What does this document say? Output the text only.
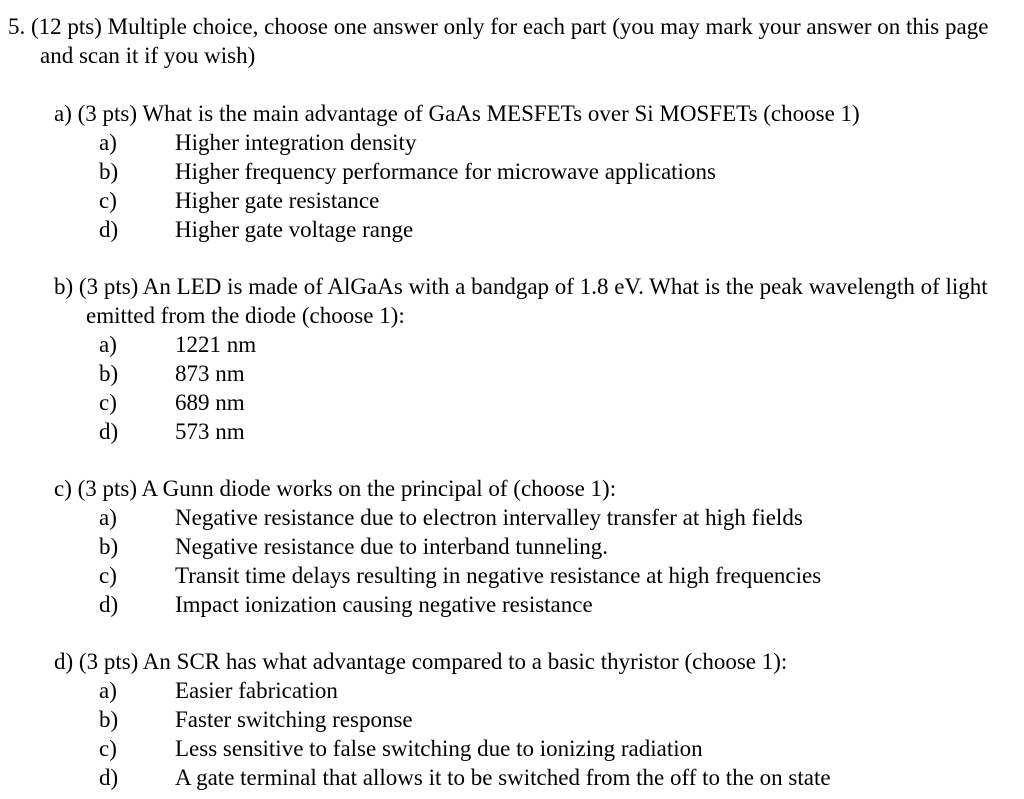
5. (12 pts) Multiple choice, choose one answer only for each part (you may mark your answer on this page and scan it if you wish)

a) (3 pts) What is the main advantage of GaAs MESFETs over Si MOSFETs (choose 1)

a)	Higher integration density
b) Higher frequency performance for microwave applications
c)	Higher gate resistance
d) Higher gate voltage range

b) (3 pts) An LED is made of AlGaAs with a bandgap of 1.8 eV. What is the peak wavelength of light emitted from the diode (choose 1):

a)	1221 nm
b) 873 nm
c)	689 nm
d) 573 nm

c) (3 pts) A Gunn diode works on the principal of (choose 1):

a)	Negative resistance due to electron intervalley transfer at high fields
b) Negative resistance due to interband tunneling.
c)	Transit time delays resulting in negative resistance at high frequencies
d) Impact ionization causing negative resistance

d) (3 pts) An SCR has what advantage compared to a basic thyristor (choose 1):

a)	Easier fabrication
b) Faster switching response
c)	Less sensitive to false switching due to ionizing radiation
d) A gate terminal that allows it to be switched from the off to the on state
